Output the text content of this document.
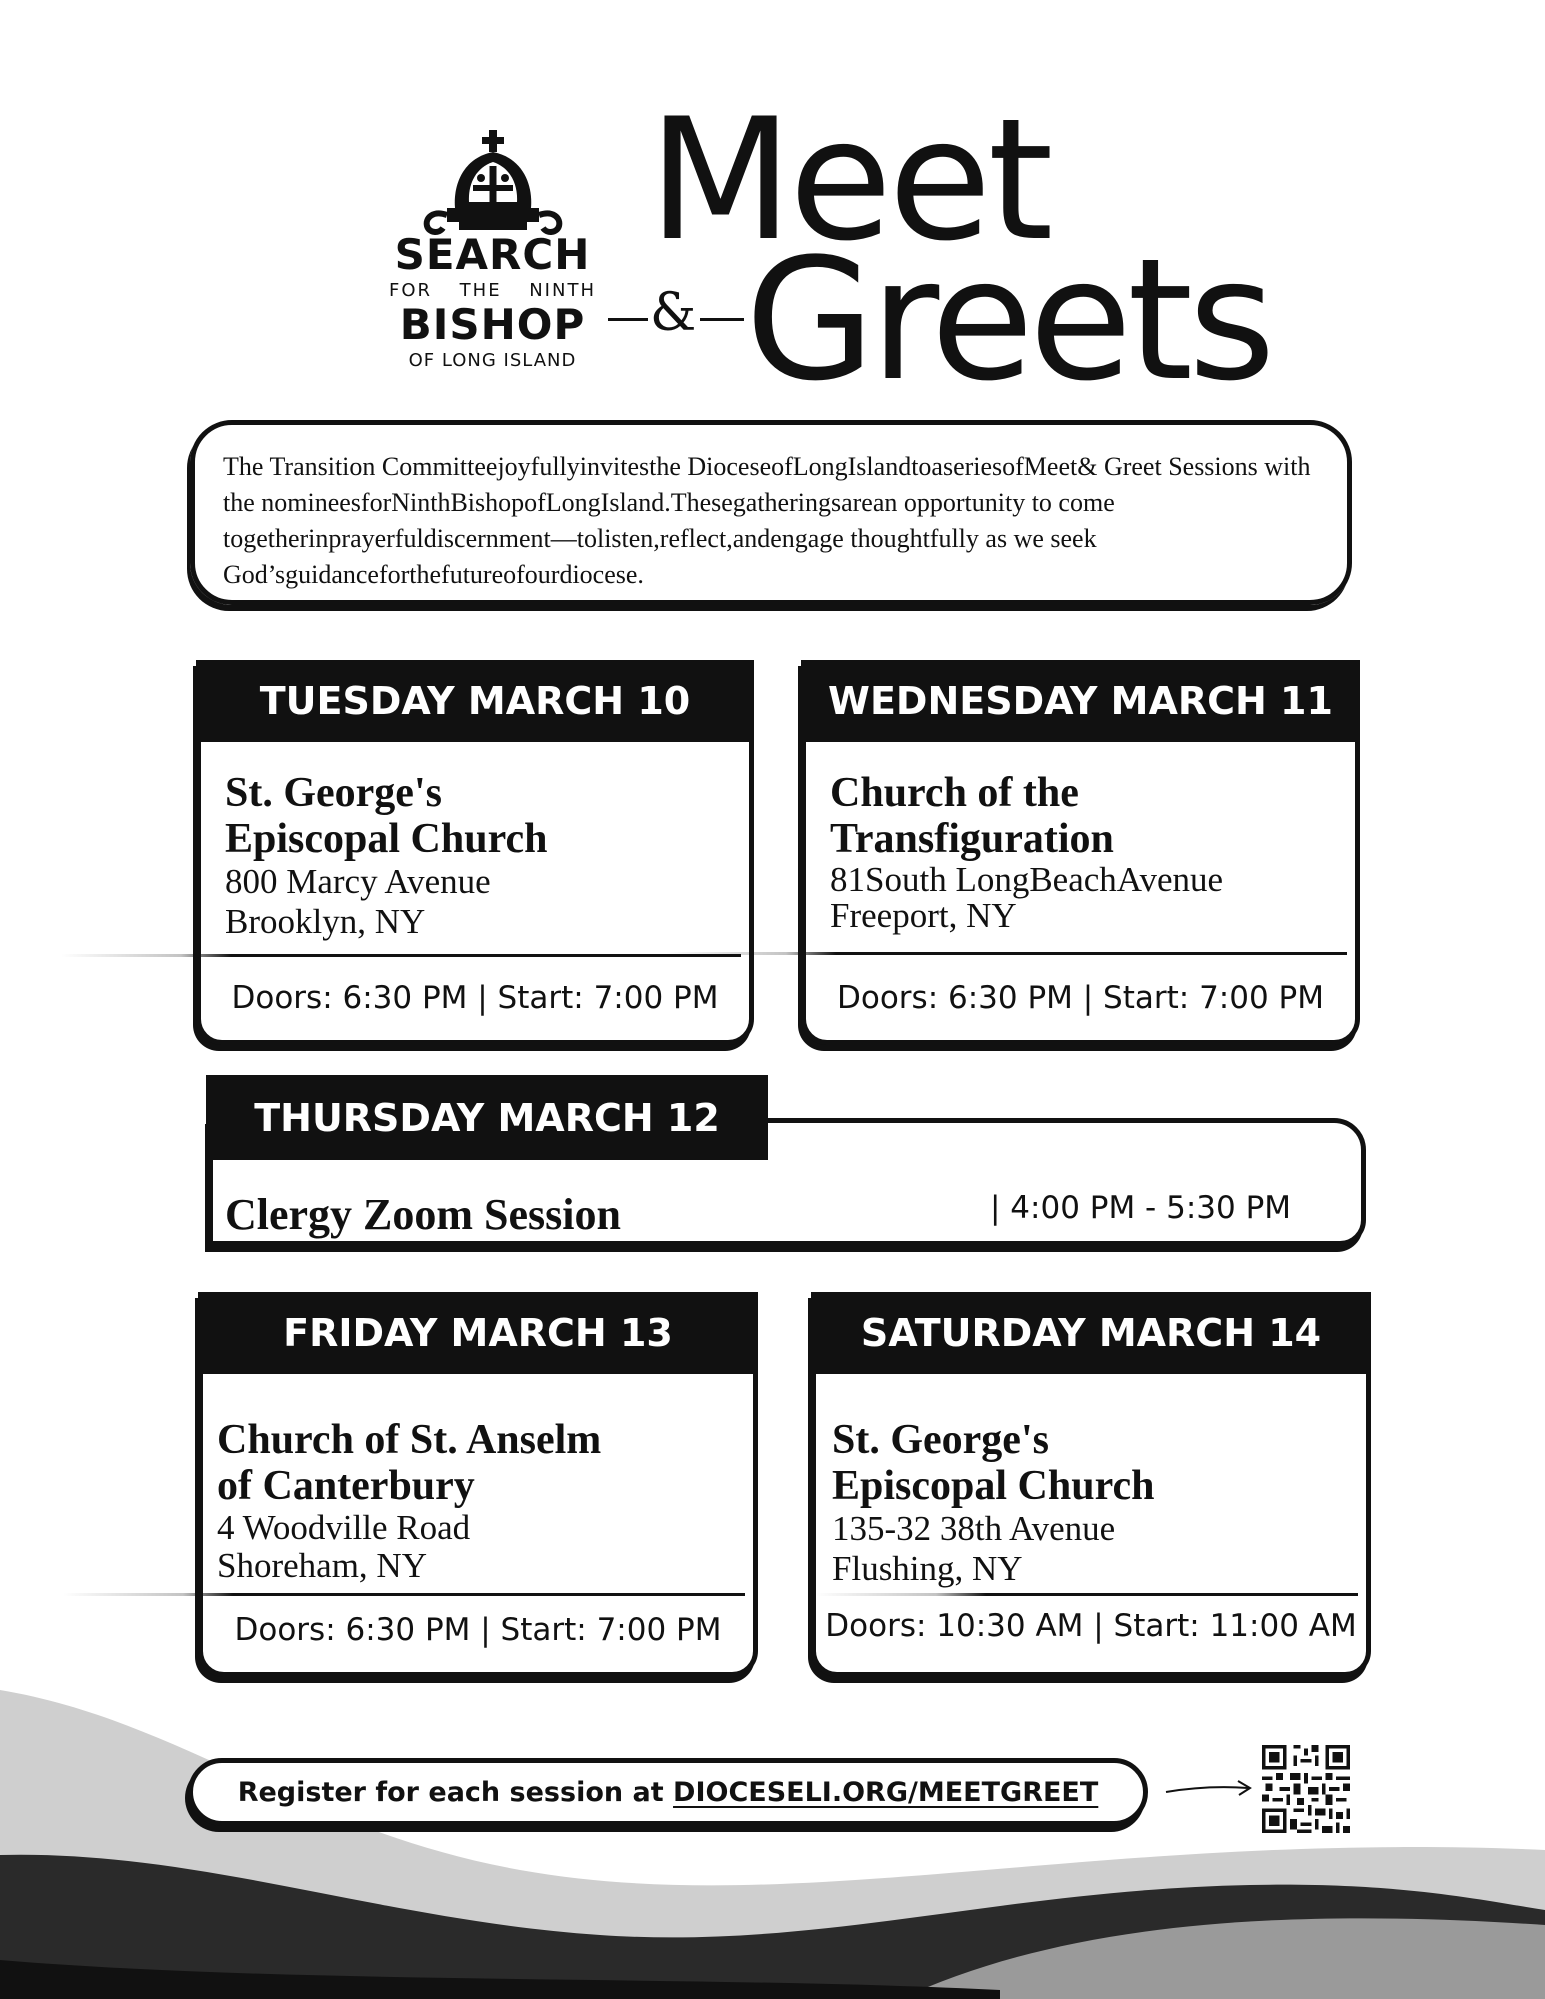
SEARCH
FOR THE NINTH
BISHOP
OF LONG ISLAND
Meet
& Greets
The Transition Committeejoyfullyinvitesthe DioceseofLongIslandtoaseriesofMeet& Greet Sessions with the nomineesforNinthBishopofLongIsland.Thesegatheringsarean opportunity to come togetherinprayerfuldiscernment—tolisten,reflect,andengage thoughtfully as we seek God’sguidanceforthefutureofourdiocese.
TUESDAY MARCH 10
St. George's
Episcopal Church
800 Marcy Avenue
Brooklyn, NY
Doors: 6:30 PM | Start: 7:00 PM
WEDNESDAY MARCH 11
Church of the
Transfiguration
81South LongBeachAvenue
Freeport, NY
Doors: 6:30 PM | Start: 7:00 PM
THURSDAY MARCH 12
Clergy Zoom Session	| 4:00 PM - 5:30 PM
FRIDAY MARCH 13
Church of St. Anselm
of Canterbury
4 Woodville Road
Shoreham, NY
Doors: 6:30 PM | Start: 7:00 PM
SATURDAY MARCH 14
St. George's
Episcopal Church
135-32 38th Avenue
Flushing, NY
Doors: 10:30 AM | Start: 11:00 AM
Register for each session at DIOCESELI.ORG/MEETGREET
